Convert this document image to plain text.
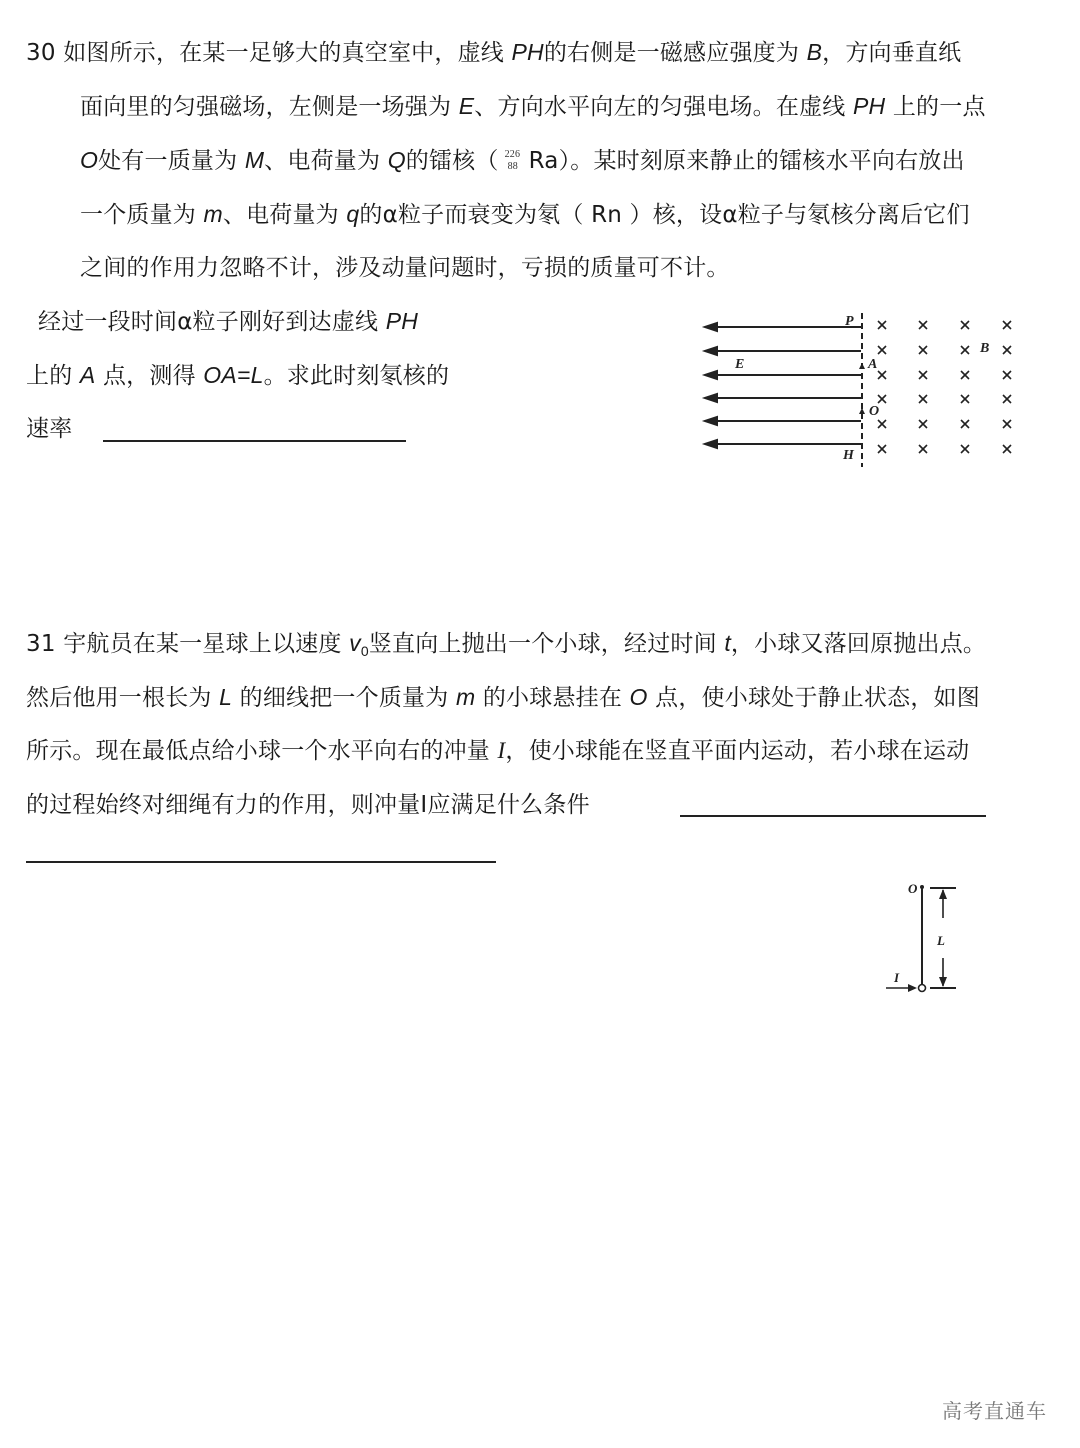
30 如图所示，在某一足够大的真空室中，虚线 PH的右侧是一磁感应强度为 B，方向垂直纸
面向里的匀强磁场，左侧是一场强为 E、方向水平向左的匀强电场。在虚线 PH 上的一点
O处有一质量为 M、电荷量为 Q的镭核（ 226
88 Ra）。某时刻原来静止的镭核水平向右放出
一个质量为 m、电荷量为 q的α粒子而衰变为氡（ Rn ）核，设α粒子与氡核分离后它们
之间的作用力忽略不计，涉及动量问题时，亏损的质量可不计。
经过一段时间α粒子刚好到达虚线 PH
上的 A 点，测得 OA=L。求此时刻氡核的
速率
P
A
O
H
E
B
31 宇航员在某一星球上以速度 $v_0$竖直向上抛出一个小球，经过时间 t，小球又落回原抛出点。
然后他用一根长为 L 的细线把一个质量为 m 的小球悬挂在 O 点，使小球处于静止状态，如图
所示。现在最低点给小球一个水平向右的冲量 I，使小球能在竖直平面内运动，若小球在运动
的过程始终对细绳有力的作用，则冲量Ⅰ应满足什么条件
O
L
I
高考直通车
